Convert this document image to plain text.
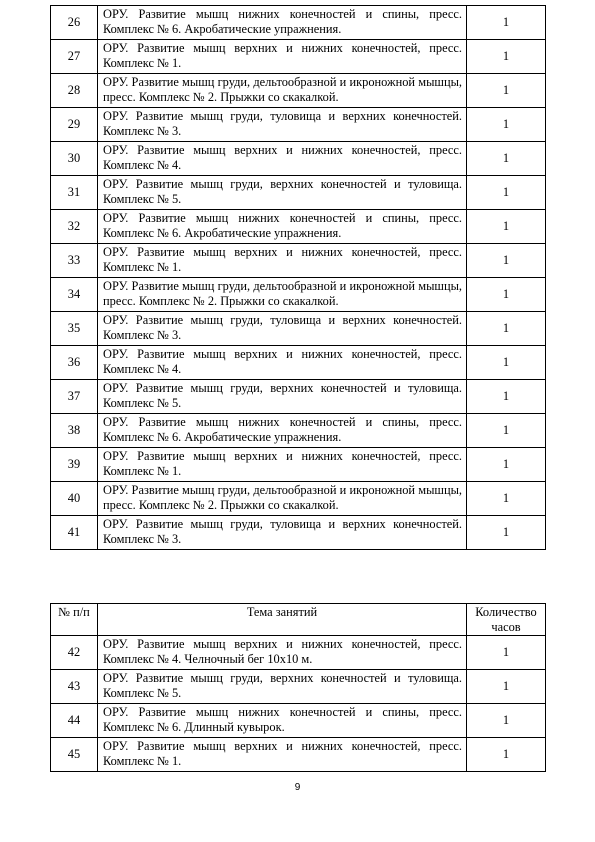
26	ОРУ. Развитие мышц нижних конечностей и спины, пресс. Комплекс № 6. Акробатические упражнения.	1
27	ОРУ. Развитие мышц верхних и нижних конечностей, пресс. Комплекс № 1.	1
28	ОРУ. Развитие мышц груди, дельтообразной и икроножной мышцы, пресс. Комплекс № 2. Прыжки со скакалкой.	1
29	ОРУ. Развитие мышц груди, туловища и верхних конечностей. Комплекс № 3.	1
30	ОРУ. Развитие мышц верхних и нижних конечностей, пресс. Комплекс № 4.	1
31	ОРУ. Развитие мышц груди, верхних конечностей и туловища. Комплекс № 5.	1
32	ОРУ. Развитие мышц нижних конечностей и спины, пресс. Комплекс № 6. Акробатические упражнения.	1
33	ОРУ. Развитие мышц верхних и нижних конечностей, пресс. Комплекс № 1.	1
34	ОРУ. Развитие мышц груди, дельтообразной и икроножной мышцы, пресс. Комплекс № 2. Прыжки со скакалкой.	1
35	ОРУ. Развитие мышц груди, туловища и верхних конечностей. Комплекс № 3.	1
36	ОРУ. Развитие мышц верхних и нижних конечностей, пресс. Комплекс № 4.	1
37	ОРУ. Развитие мышц груди, верхних конечностей и туловища. Комплекс № 5.	1
38	ОРУ. Развитие мышц нижних конечностей и спины, пресс. Комплекс № 6. Акробатические упражнения.	1
39	ОРУ. Развитие мышц верхних и нижних конечностей, пресс. Комплекс № 1.	1
40	ОРУ. Развитие мышц груди, дельтообразной и икроножной мышцы, пресс. Комплекс № 2. Прыжки со скакалкой.	1
41	ОРУ. Развитие мышц груди, туловища и верхних конечностей. Комплекс № 3.	1
№ п/п	Тема занятий	Количество часов
42	ОРУ. Развитие мышц верхних и нижних конечностей, пресс. Комплекс № 4. Челночный бег 10х10 м.	1
43	ОРУ. Развитие мышц груди, верхних конечностей и туловища. Комплекс № 5.	1
44	ОРУ. Развитие мышц нижних конечностей и спины, пресс. Комплекс № 6. Длинный кувырок.	1
45	ОРУ. Развитие мышц верхних и нижних конечностей, пресс. Комплекс № 1.	1
9
